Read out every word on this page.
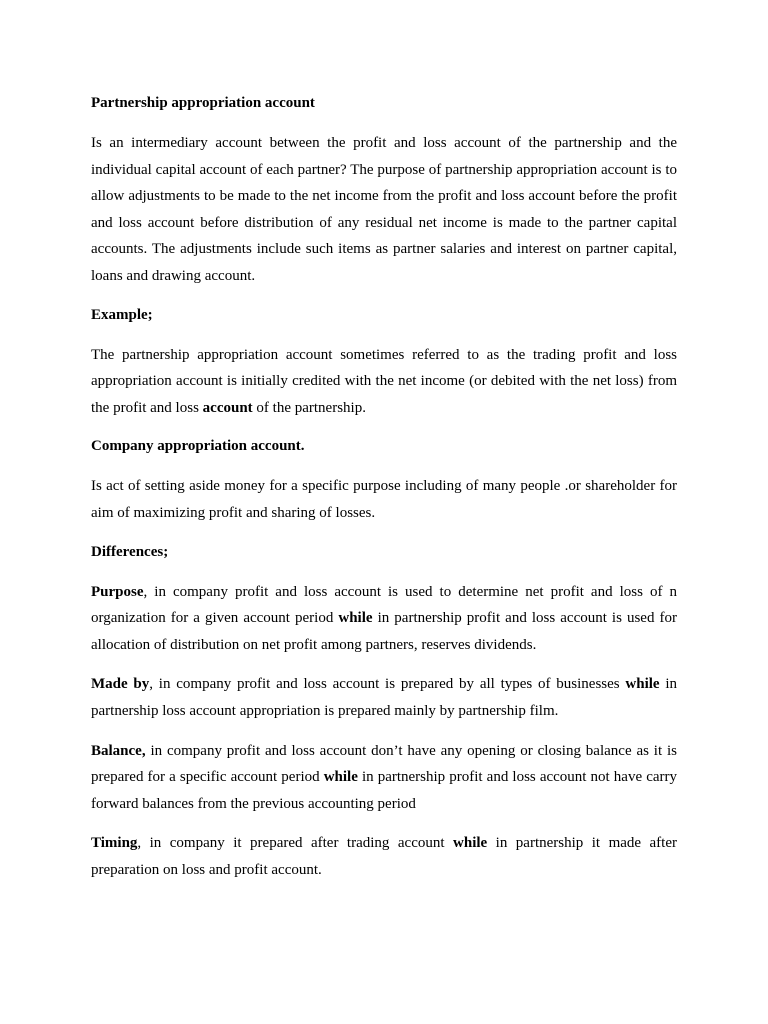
Partnership appropriation account

Is an intermediary account between the profit and loss account of the partnership and the individual capital account of each partner? The purpose of partnership appropriation account is to allow adjustments to be made to the net income from the profit and loss account before the profit and loss account before distribution of any residual net income is made to the partner capital accounts. The adjustments include such items as partner salaries and interest on partner capital, loans and drawing account.

Example;

The partnership appropriation account sometimes referred to as the trading profit and loss appropriation account is initially credited with the net income (or debited with the net loss) from the profit and loss account of the partnership.

Company appropriation account.

Is act of setting aside money for a specific purpose including of many people .or shareholder for aim of maximizing profit and sharing of losses.

Differences;

Purpose, in company profit and loss account is used to determine net profit and loss of n organization for a given account period while in partnership profit and loss account is used for allocation of distribution on net profit among partners, reserves dividends.

Made by, in company profit and loss account is prepared by all types of businesses while in partnership loss account appropriation is prepared mainly by partnership film.

Balance, in company profit and loss account don’t have any opening or closing balance as it is prepared for a specific account period while in partnership profit and loss account not have carry forward balances from the previous accounting period

Timing, in company it prepared after trading account while in partnership it made after preparation on loss and profit account.
